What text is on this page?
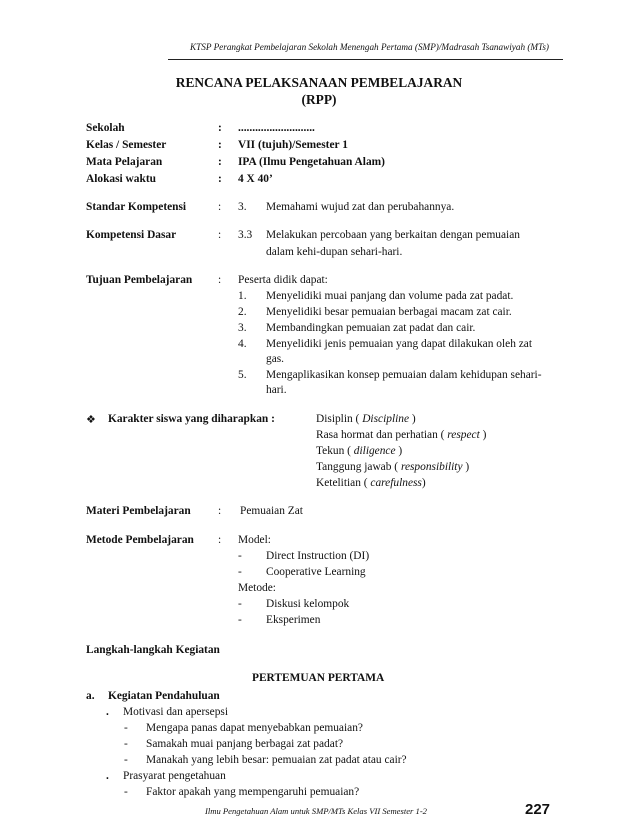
KTSP Perangkat Pembelajaran Sekolah Menengah Pertama (SMP)/Madrasah Tsanawiyah (MTs)
RENCANA PELAKSANAAN PEMBELAJARAN
(RPP)
Sekolah	: ...........................
Kelas / Semester	: VII (tujuh)/Semester 1
Mata Pelajaran	: IPA (Ilmu Pengetahuan Alam)
Alokasi waktu	: 4 X 40’
Standar Kompetensi	: 3. Memahami wujud zat dan perubahannya.
Kompetensi Dasar	: 3.3 Melakukan percobaan yang berkaitan dengan pemuaian
dalam kehi-dupan sehari-hari.
Tujuan Pembelajaran : Peserta didik dapat:
1. Menyelidiki muai panjang dan volume pada zat padat.
2. Menyelidiki besar pemuaian berbagai macam zat cair.
3. Membandingkan pemuaian zat padat dan cair.
4. Menyelidiki jenis pemuaian yang dapat dilakukan oleh zat
gas.
5. Mengaplikasikan konsep pemuaian dalam kehidupan sehari-
hari.
❖ Karakter siswa yang diharapkan :	Disiplin ( Discipline )
Rasa hormat dan perhatian ( respect )
Tekun ( diligence )
Tanggung jawab ( responsibility )
Ketelitian ( carefulness)
Materi Pembelajaran : Pemuaian Zat
Metode Pembelajaran : Model:
- Direct Instruction (DI)
- Cooperative Learning
Metode:
- Diskusi kelompok
- Eksperimen
Langkah-langkah Kegiatan
PERTEMUAN PERTAMA
a. Kegiatan Pendahuluan
. Motivasi dan apersepsi
- Mengapa panas dapat menyebabkan pemuaian?
- Samakah muai panjang berbagai zat padat?
- Manakah yang lebih besar: pemuaian zat padat atau cair?
. Prasyarat pengetahuan
- Faktor apakah yang mempengaruhi pemuaian?
Ilmu Pengetahuan Alam untuk SMP/MTs Kelas VII Semester 1-2	227
